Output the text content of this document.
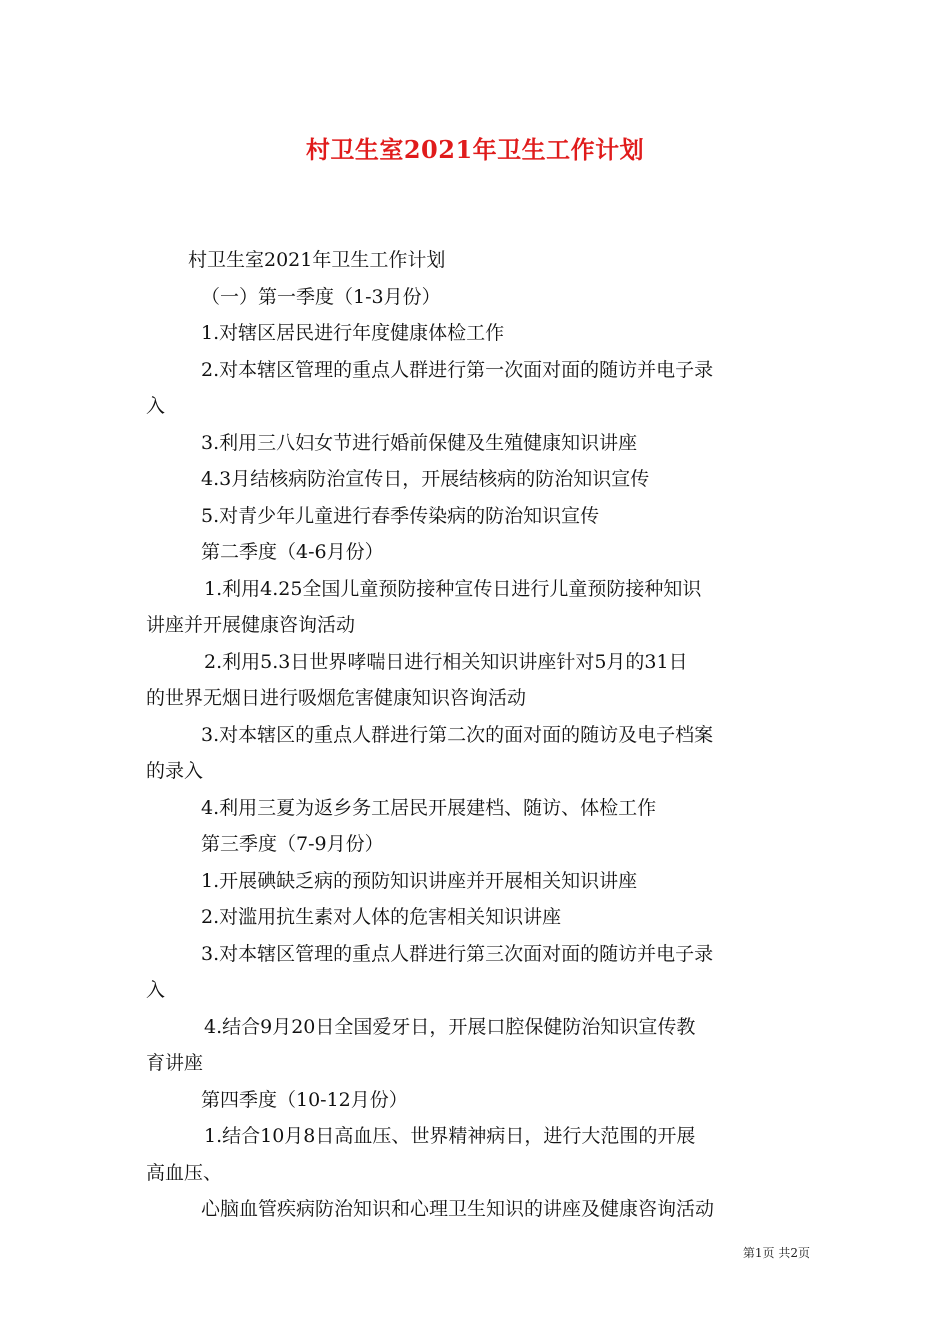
村卫生室2021年卫生工作计划
村卫生室2021年卫生工作计划
（一）第一季度（1-3月份）
1.对辖区居民进行年度健康体检工作
2.对本辖区管理的重点人群进行第一次面对面的随访并电子录
入
3.利用三八妇女节进行婚前保健及生殖健康知识讲座
4.3月结核病防治宣传日，开展结核病的防治知识宣传
5.对青少年儿童进行春季传染病的防治知识宣传
第二季度（4-6月份）
1.利用4.25全国儿童预防接种宣传日进行儿童预防接种知识
讲座并开展健康咨询活动
2.利用5.3日世界哮喘日进行相关知识讲座针对5月的31日
的世界无烟日进行吸烟危害健康知识咨询活动
3.对本辖区的重点人群进行第二次的面对面的随访及电子档案
的录入
4.利用三夏为返乡务工居民开展建档、随访、体检工作
第三季度（7-9月份）
1.开展碘缺乏病的预防知识讲座并开展相关知识讲座
2.对滥用抗生素对人体的危害相关知识讲座
3.对本辖区管理的重点人群进行第三次面对面的随访并电子录
入
4.结合9月20日全国爱牙日，开展口腔保健防治知识宣传教
育讲座
第四季度（10-12月份）
1.结合10月8日高血压、世界精神病日，进行大范围的开展
高血压、
心脑血管疾病防治知识和心理卫生知识的讲座及健康咨询活动
第1页 共2页
